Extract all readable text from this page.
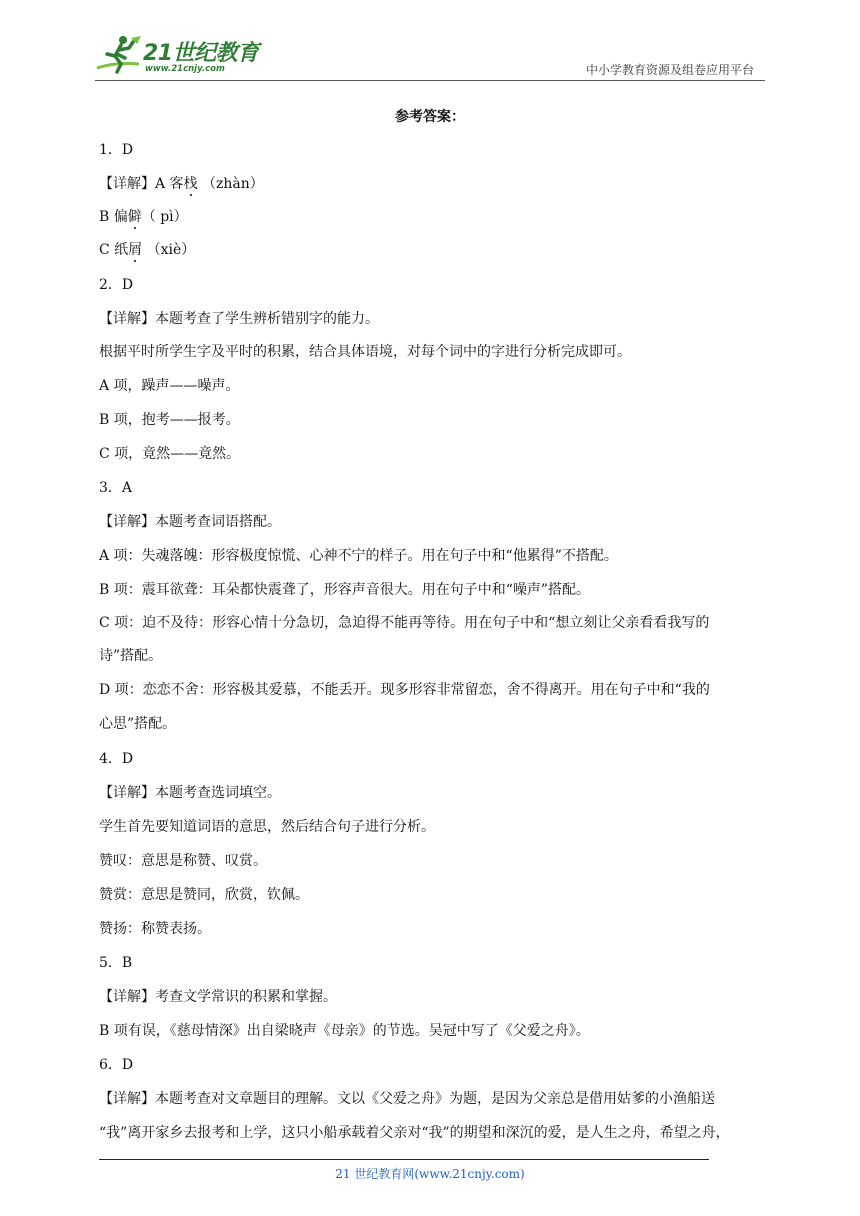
21世纪教育
www.21cnjy.com	中小学教育资源及组卷应用平台
参考答案：
1．D
【详解】A 客栈 （zhàn）
B 偏僻（ pì）
C 纸屑 （xiè）
2．D
【详解】本题考查了学生辨析错别字的能力。
根据平时所学生字及平时的积累，结合具体语境，对每个词中的字进行分析完成即可。
A 项，躁声——噪声。
B 项，抱考——报考。
C 项，竟然——竟然。
3．A
【详解】本题考查词语搭配。
A 项：失魂落魄：形容极度惊慌、心神不宁的样子。用在句子中和“他累得”不搭配。
B 项：震耳欲聋：耳朵都快震聋了，形容声音很大。用在句子中和“噪声”搭配。
C 项：迫不及待：形容心情十分急切，急迫得不能再等待。用在句子中和“想立刻让父亲看看我写的
诗”搭配。
D 项：恋恋不舍：形容极其爱慕，不能丢开。现多形容非常留恋，舍不得离开。用在句子中和“我的
心思”搭配。
4．D
【详解】本题考查选词填空。
学生首先要知道词语的意思，然后结合句子进行分析。
赞叹：意思是称赞、叹赏。
赞赏：意思是赞同，欣赏，钦佩。
赞扬：称赞表扬。
5．B
【详解】考查文学常识的积累和掌握。
B 项有误，《慈母情深》出自梁晓声《母亲》的节选。吴冠中写了《父爱之舟》。
6．D
【详解】本题考查对文章题目的理解。文以《父爱之舟》为题，是因为父亲总是借用姑爹的小渔船送
“我”离开家乡去报考和上学，这只小船承载着父亲对“我”的期望和深沉的爱，是人生之舟，希望之舟，
21 世纪教育网(www.21cnjy.com)
